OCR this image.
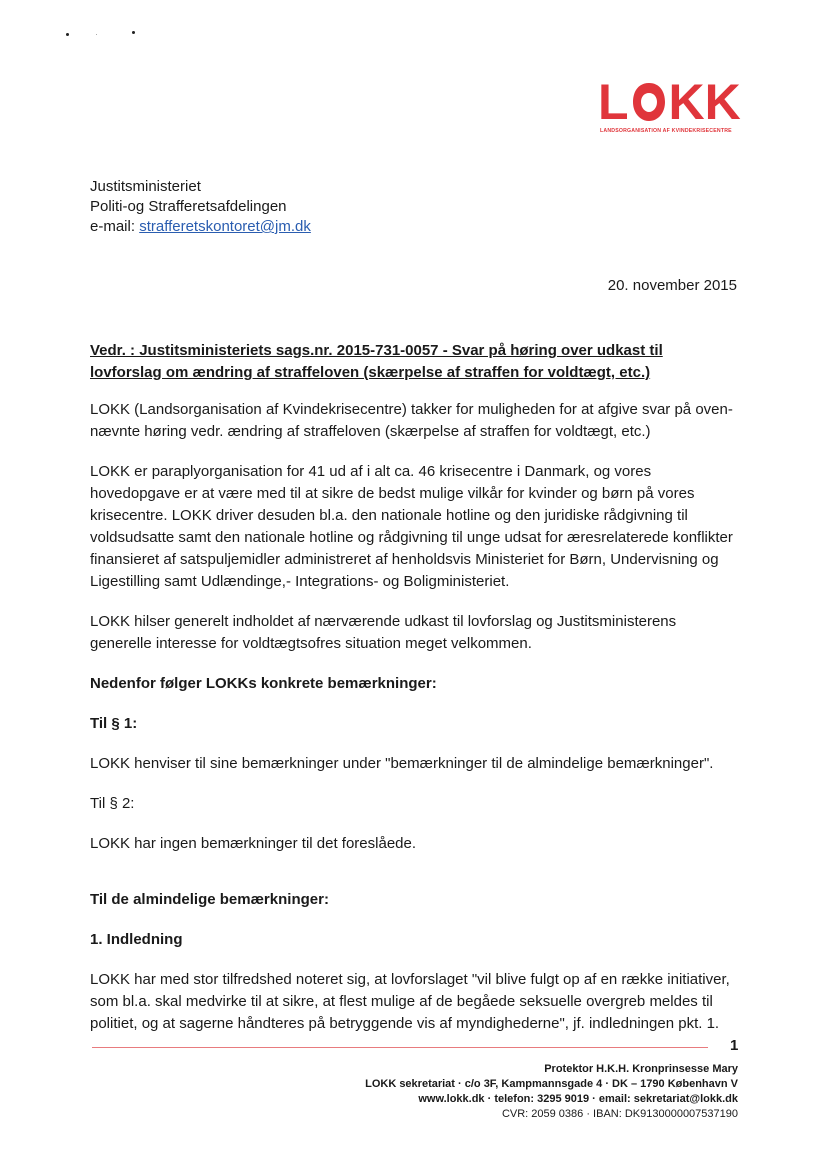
L K K
LANDSORGANISATION AF KVINDEKRISECENTRE
Justitsministeriet
Politi-og Strafferetsafdelingen
e-mail: strafferetskontoret@jm.dk
20. november 2015
Vedr. : Justitsministeriets sags.nr. 2015-731-0057 - Svar på høring over udkast til lovforslag om ændring af straffeloven (skærpelse af straffen for voldtægt, etc.)
LOKK (Landsorganisation af Kvindekrisecentre) takker for muligheden for at afgive svar på oven-nævnte høring vedr. ændring af straffeloven (skærpelse af straffen for voldtægt, etc.)
LOKK er paraplyorganisation for 41 ud af i alt ca. 46 krisecentre i Danmark, og vores hovedopgave er at være med til at sikre de bedst mulige vilkår for kvinder og børn på vores krisecentre. LOKK driver desuden bl.a. den nationale hotline og den juridiske rådgivning til voldsudsatte samt den nationale hotline og rådgivning til unge udsat for æresrelaterede konflikter finansieret af satspuljemidler administreret af henholdsvis Ministeriet for Børn, Undervisning og Ligestilling samt Udlændinge,- Integrations- og Boligministeriet.
LOKK hilser generelt indholdet af nærværende udkast til lovforslag og Justitsministerens generelle interesse for voldtægtsofres situation meget velkommen.
Nedenfor følger LOKKs konkrete bemærkninger:
Til § 1:
LOKK henviser til sine bemærkninger under "bemærkninger til de almindelige bemærkninger".
Til § 2:
LOKK har ingen bemærkninger til det foreslåede.
Til de almindelige bemærkninger:
1. Indledning
LOKK har med stor tilfredshed noteret sig, at lovforslaget "vil blive fulgt op af en række initiativer, som bl.a. skal medvirke til at sikre, at flest mulige af de begåede seksuelle overgreb meldes til politiet, og at sagerne håndteres på betryggende vis af myndighederne", jf. indledningen pkt. 1.
1
Protektor H.K.H. Kronprinsesse Mary
LOKK sekretariat · c/o 3F, Kampmannsgade 4 · DK – 1790 København V
www.lokk.dk · telefon: 3295 9019 · email: sekretariat@lokk.dk
CVR: 2059 0386 · IBAN: DK9130000007537190
